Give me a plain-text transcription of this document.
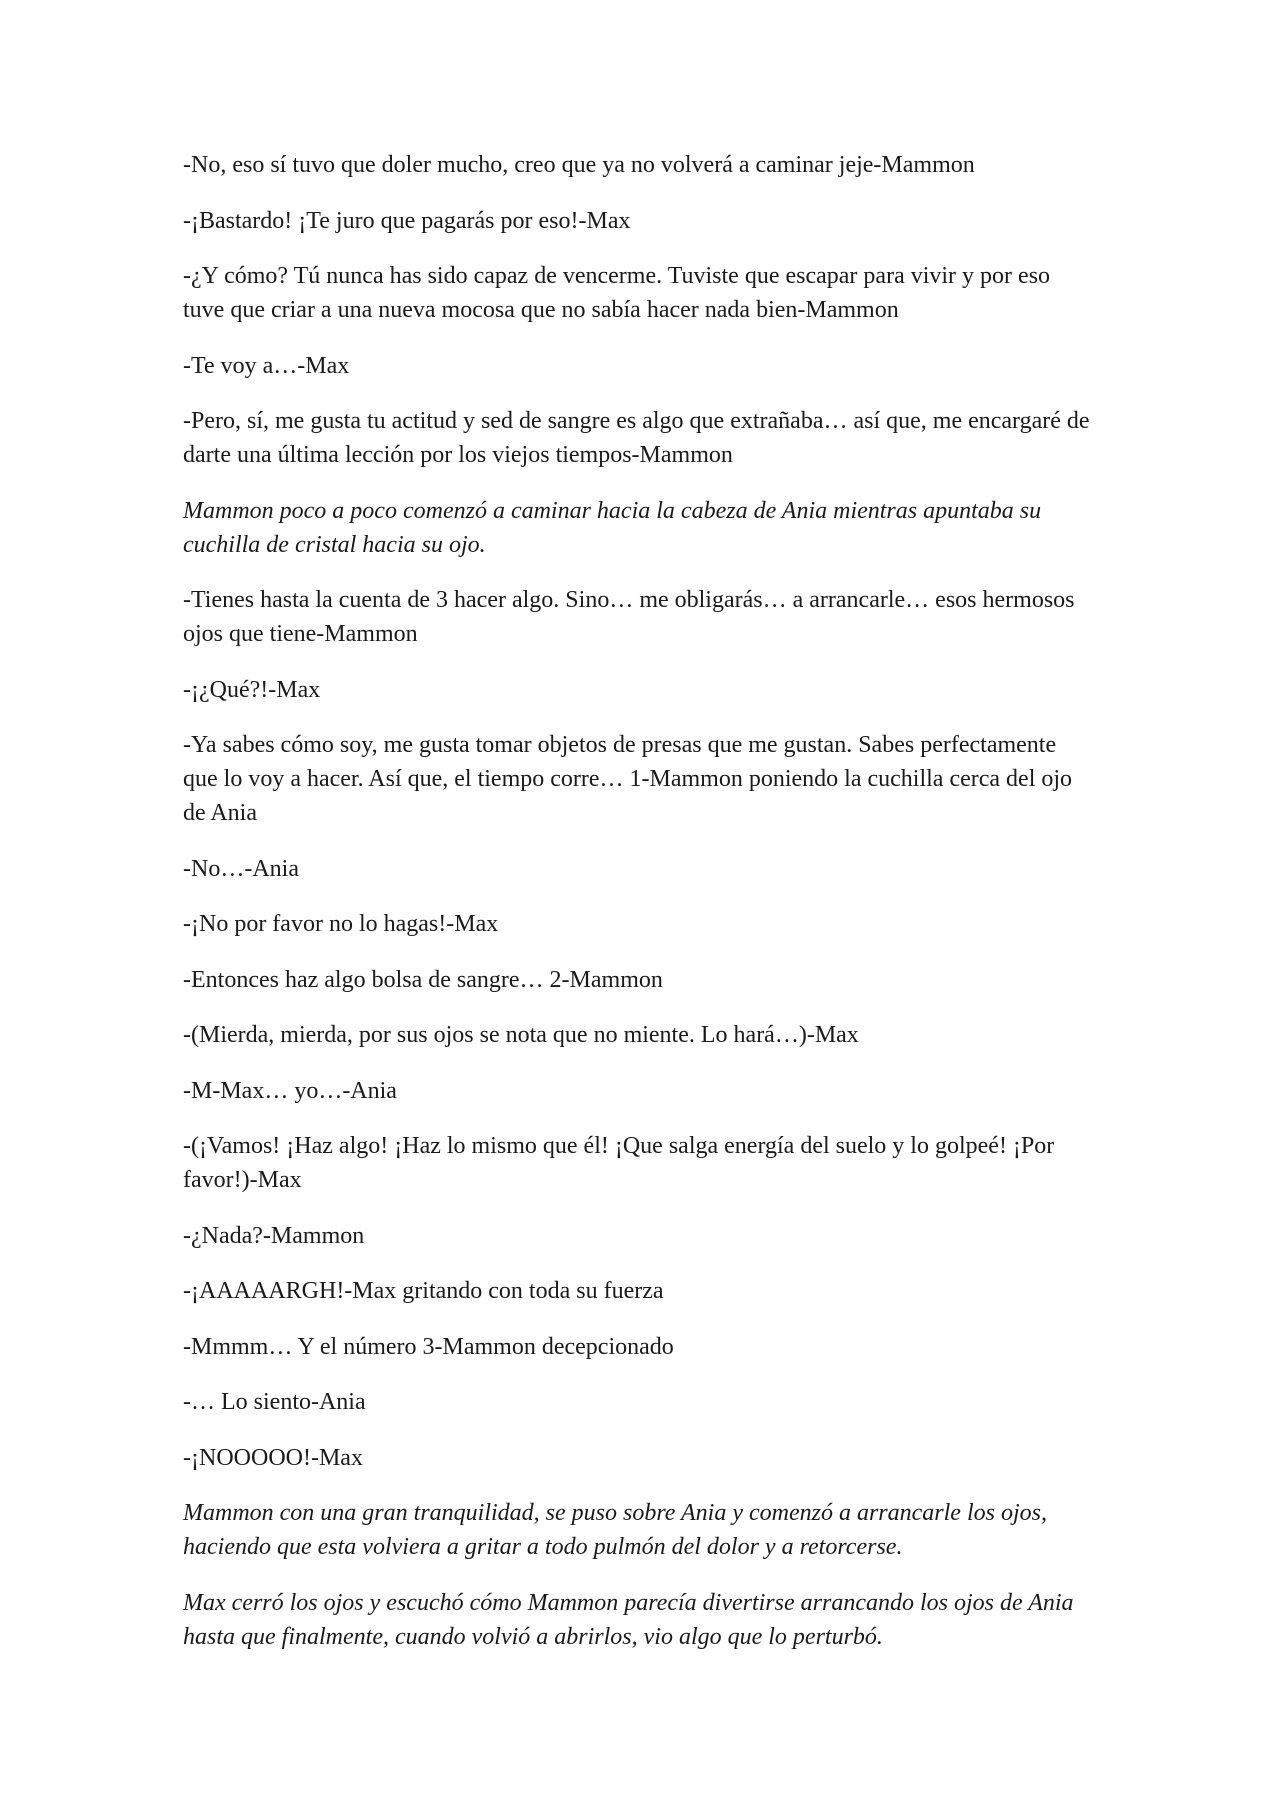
-No, eso sí tuvo que doler mucho, creo que ya no volverá a caminar jeje-Mammon

-¡Bastardo! ¡Te juro que pagarás por eso!-Max

-¿Y cómo? Tú nunca has sido capaz de vencerme. Tuviste que escapar para vivir y por eso tuve que criar a una nueva mocosa que no sabía hacer nada bien-Mammon

-Te voy a…-Max

-Pero, sí, me gusta tu actitud y sed de sangre es algo que extrañaba… así que, me encargaré de darte una última lección por los viejos tiempos-Mammon

Mammon poco a poco comenzó a caminar hacia la cabeza de Ania mientras apuntaba su cuchilla de cristal hacia su ojo.

-Tienes hasta la cuenta de 3 hacer algo. Sino… me obligarás… a arrancarle… esos hermosos ojos que tiene-Mammon

-¡¿Qué?!-Max

-Ya sabes cómo soy, me gusta tomar objetos de presas que me gustan. Sabes perfectamente que lo voy a hacer. Así que, el tiempo corre… 1-Mammon poniendo la cuchilla cerca del ojo de Ania

-No…-Ania

-¡No por favor no lo hagas!-Max

-Entonces haz algo bolsa de sangre… 2-Mammon

-(Mierda, mierda, por sus ojos se nota que no miente. Lo hará…)-Max

-M-Max… yo…-Ania

-(¡Vamos! ¡Haz algo! ¡Haz lo mismo que él! ¡Que salga energía del suelo y lo golpeé! ¡Por favor!)-Max

-¿Nada?-Mammon

-¡AAAAARGH!-Max gritando con toda su fuerza

-Mmmm… Y el número 3-Mammon decepcionado

-… Lo siento-Ania

-¡NOOOOO!-Max

Mammon con una gran tranquilidad, se puso sobre Ania y comenzó a arrancarle los ojos, haciendo que esta volviera a gritar a todo pulmón del dolor y a retorcerse.

Max cerró los ojos y escuchó cómo Mammon parecía divertirse arrancando los ojos de Ania hasta que finalmente, cuando volvió a abrirlos, vio algo que lo perturbó.
